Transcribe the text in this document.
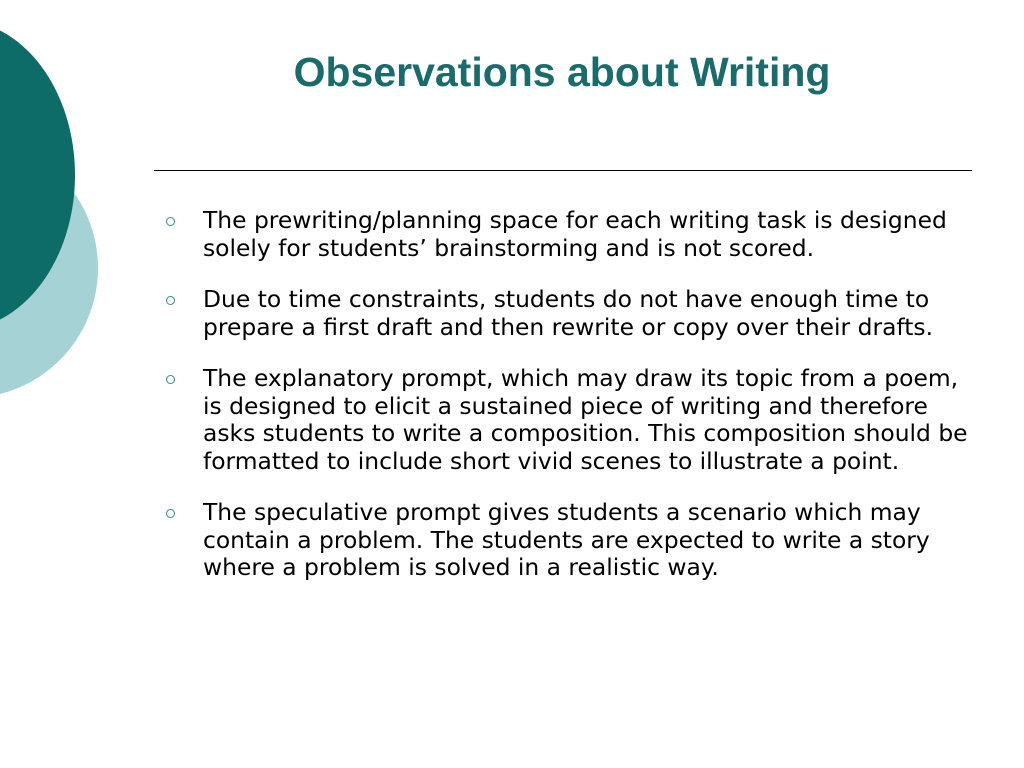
Observations about Writing
The prewriting/planning space for each writing task is designed solely for students’ brainstorming and is not scored.
Due to time constraints, students do not have enough time to prepare a first draft and then rewrite or copy over their drafts.
The explanatory prompt, which may draw its topic from a poem, is designed to elicit a sustained piece of writing and therefore asks students to write a composition. This composition should be formatted to include short vivid scenes to illustrate a point.
The speculative prompt gives students a scenario which may contain a problem. The students are expected to write a story where a problem is solved in a realistic way.
